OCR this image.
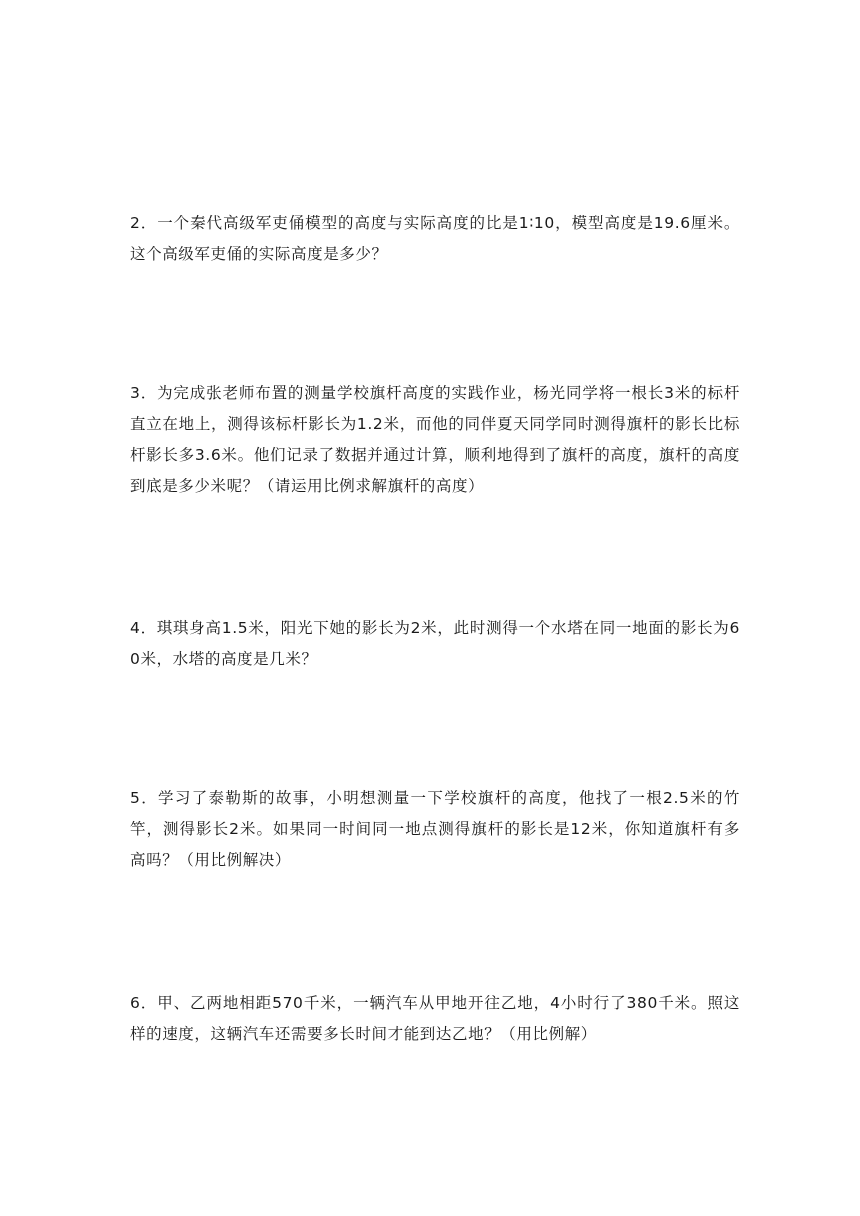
2．一个秦代高级军吏俑模型的高度与实际高度的比是1∶10，模型高度是19.6厘米。这个高级军吏俑的实际高度是多少？
3．为完成张老师布置的测量学校旗杆高度的实践作业，杨光同学将一根长3米的标杆直立在地上，测得该标杆影长为1.2米，而他的同伴夏天同学同时测得旗杆的影长比标杆影长多3.6米。他们记录了数据并通过计算，顺利地得到了旗杆的高度，旗杆的高度到底是多少米呢？（请运用比例求解旗杆的高度）
4．琪琪身高1.5米，阳光下她的影长为2米，此时测得一个水塔在同一地面的影长为60米，水塔的高度是几米？
5．学习了泰勒斯的故事，小明想测量一下学校旗杆的高度，他找了一根2.5米的竹竿，测得影长2米。如果同一时间同一地点测得旗杆的影长是12米，你知道旗杆有多高吗？（用比例解决）
6．甲、乙两地相距570千米，一辆汽车从甲地开往乙地，4小时行了380千米。照这样的速度，这辆汽车还需要多长时间才能到达乙地？（用比例解）
